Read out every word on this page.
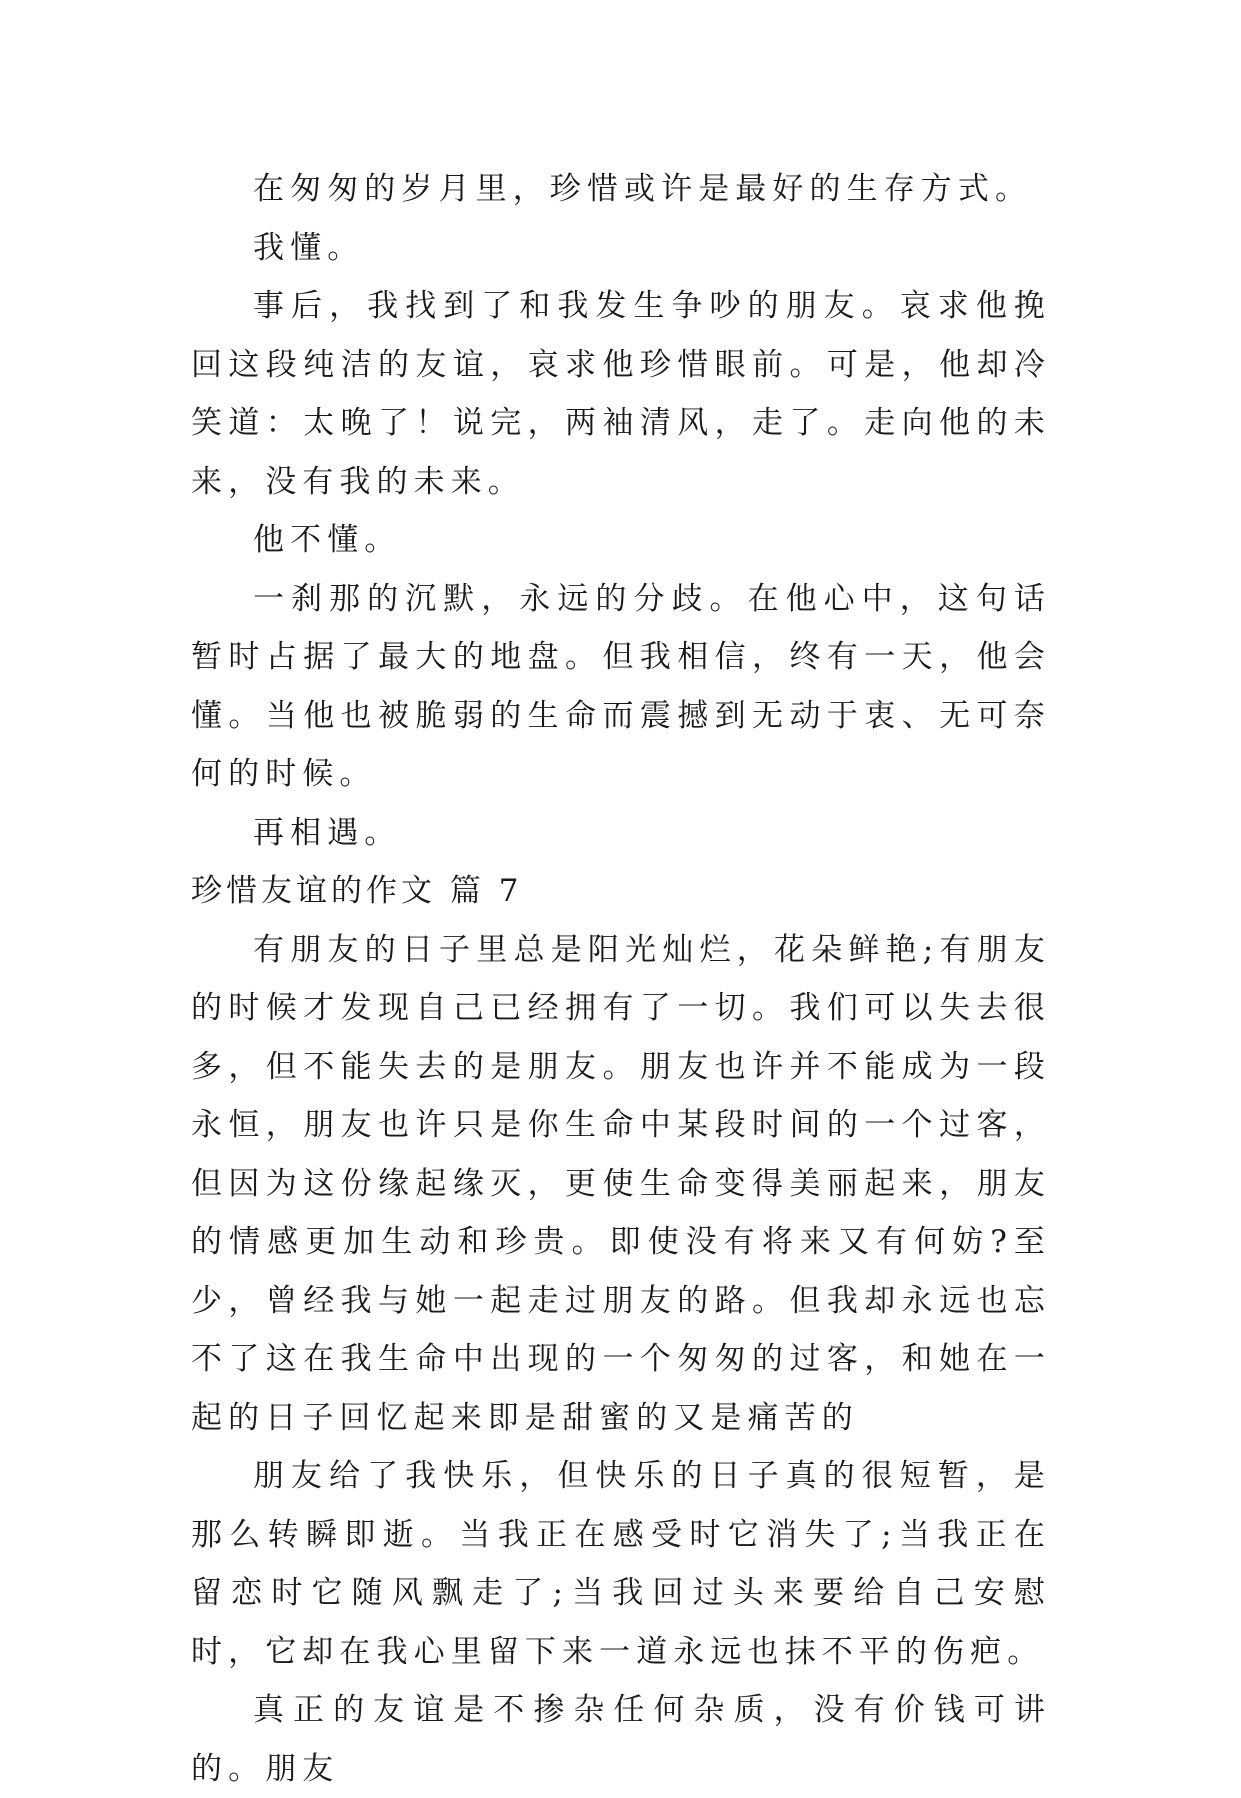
在匆匆的岁月里，珍惜或许是最好的生存方式。

我懂。

事后，我找到了和我发生争吵的朋友。哀求他挽回这段纯洁的友谊，哀求他珍惜眼前。可是，他却冷笑道：太晚了！说完，两袖清风，走了。走向他的未来，没有我的未来。

他不懂。

一刹那的沉默，永远的分歧。在他心中，这句话暂时占据了最大的地盘。但我相信，终有一天，他会懂。当他也被脆弱的生命而震撼到无动于衷、无可奈何的时候。

再相遇。

珍惜友谊的作文 篇 7

有朋友的日子里总是阳光灿烂，花朵鲜艳;有朋友的时候才发现自己已经拥有了一切。我们可以失去很多，但不能失去的是朋友。朋友也许并不能成为一段永恒，朋友也许只是你生命中某段时间的一个过客，但因为这份缘起缘灭，更使生命变得美丽起来，朋友的情感更加生动和珍贵。即使没有将来又有何妨?至少，曾经我与她一起走过朋友的路。但我却永远也忘不了这在我生命中出现的一个匆匆的过客，和她在一起的日子回忆起来即是甜蜜的又是痛苦的

朋友给了我快乐，但快乐的日子真的很短暂，是那么转瞬即逝。当我正在感受时它消失了;当我正在留恋时它随风飘走了;当我回过头来要给自己安慰时，它却在我心里留下来一道永远也抹不平的伤疤。

真正的友谊是不掺杂任何杂质，没有价钱可讲的。朋友
